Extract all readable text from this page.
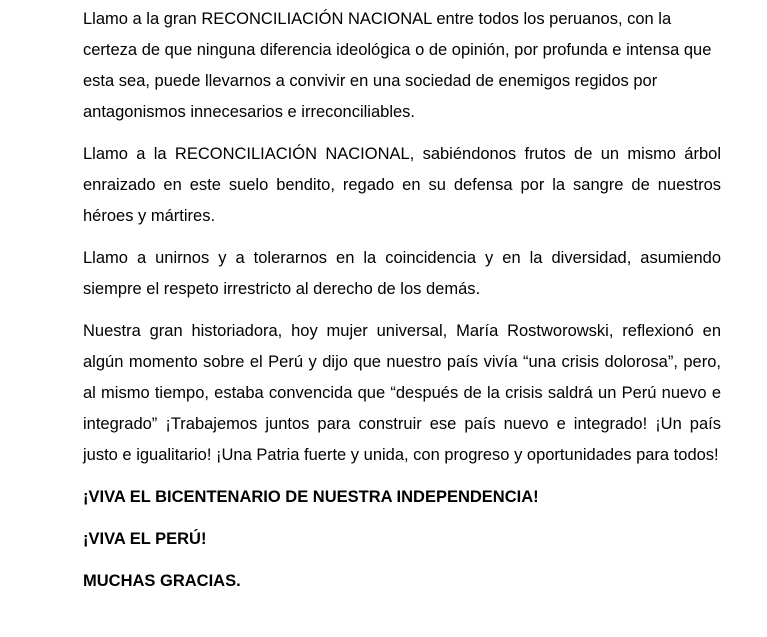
Llamo a la gran RECONCILIACIÓN NACIONAL entre todos los peruanos, con la certeza de que ninguna diferencia ideológica o de opinión, por profunda e intensa que esta sea, puede llevarnos a convivir en una sociedad de enemigos regidos por antagonismos innecesarios e irreconciliables.

Llamo a la RECONCILIACIÓN NACIONAL, sabiéndonos frutos de un mismo árbol enraizado en este suelo bendito, regado en su defensa por la sangre de nuestros héroes y mártires.

Llamo a unirnos y a tolerarnos en la coincidencia y en la diversidad, asumiendo siempre el respeto irrestricto al derecho de los demás.

Nuestra gran historiadora, hoy mujer universal, María Rostworowski, reflexionó en algún momento sobre el Perú y dijo que nuestro país vivía “una crisis dolorosa”, pero, al mismo tiempo, estaba convencida que “después de la crisis saldrá un Perú nuevo e integrado” ¡Trabajemos juntos para construir ese país nuevo e integrado! ¡Un país justo e igualitario! ¡Una Patria fuerte y unida, con progreso y oportunidades para todos!

¡VIVA EL BICENTENARIO DE NUESTRA INDEPENDENCIA!

¡VIVA EL PERÚ!

MUCHAS GRACIAS.
